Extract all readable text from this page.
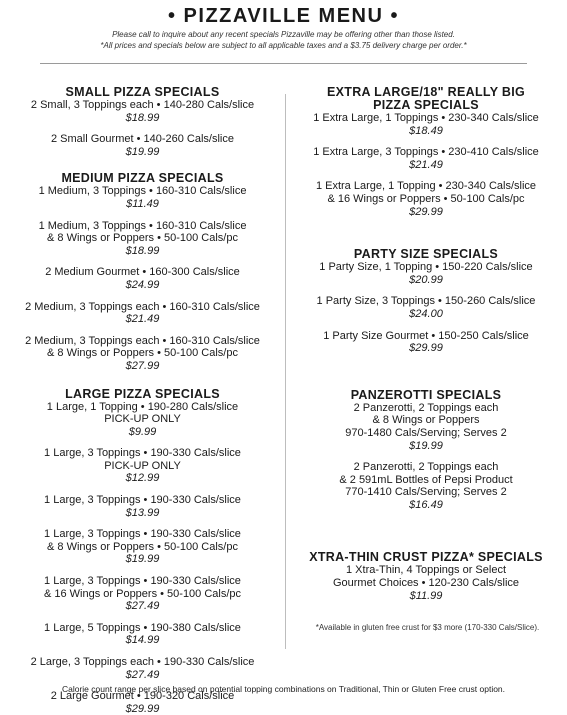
• PIZZAVILLE MENU •
Please call to inquire about any recent specials Pizzaville may be offering other than those listed.
*All prices and specials below are subject to all applicable taxes and a $3.75 delivery charge per order.*
SMALL PIZZA SPECIALS
2 Small, 3 Toppings each • 140-280 Cals/slice
$18.99
2 Small Gourmet • 140-260 Cals/slice
$19.99
MEDIUM PIZZA SPECIALS
1 Medium, 3 Toppings • 160-310 Cals/slice
$11.49
1 Medium, 3 Toppings • 160-310 Cals/slice
& 8 Wings or Poppers • 50-100 Cals/pc
$18.99
2 Medium Gourmet • 160-300 Cals/slice
$24.99
2 Medium, 3 Toppings each • 160-310 Cals/slice
$21.49
2 Medium, 3 Toppings each • 160-310 Cals/slice
& 8 Wings or Poppers • 50-100 Cals/pc
$27.99
LARGE PIZZA SPECIALS
1 Large, 1 Topping • 190-280 Cals/slice
PICK-UP ONLY
$9.99
1 Large, 3 Toppings • 190-330 Cals/slice
PICK-UP ONLY
$12.99
1 Large, 3 Toppings • 190-330 Cals/slice
$13.99
1 Large, 3 Toppings • 190-330 Cals/slice
& 8 Wings or Poppers • 50-100 Cals/pc
$19.99
1 Large, 3 Toppings • 190-330 Cals/slice
& 16 Wings or Poppers • 50-100 Cals/pc
$27.49
1 Large, 5 Toppings • 190-380 Cals/slice
$14.99
2 Large, 3 Toppings each • 190-330 Cals/slice
$27.49
2 Large Gourmet • 190-320 Cals/slice
$29.99
EXTRA LARGE/18" REALLY BIG
PIZZA SPECIALS
1 Extra Large, 1 Toppings • 230-340 Cals/slice
$18.49
1 Extra Large, 3 Toppings • 230-410 Cals/slice
$21.49
1 Extra Large, 1 Topping • 230-340 Cals/slice
& 16 Wings or Poppers • 50-100 Cals/pc
$29.99
PARTY SIZE SPECIALS
1 Party Size, 1 Topping • 150-220 Cals/slice
$20.99
1 Party Size, 3 Toppings • 150-260 Cals/slice
$24.00
1 Party Size Gourmet • 150-250 Cals/slice
$29.99
PANZEROTTI SPECIALS
2 Panzerotti, 2 Toppings each
& 8 Wings or Poppers
970-1480 Cals/Serving; Serves 2
$19.99
2 Panzerotti, 2 Toppings each
& 2 591mL Bottles of Pepsi Product
770-1410 Cals/Serving; Serves 2
$16.49
XTRA-THIN CRUST PIZZA* SPECIALS
1 Xtra-Thin, 4 Toppings or Select
Gourmet Choices • 120-230 Cals/slice
$11.99
*Available in gluten free crust for $3 more (170-330 Cals/Slice).
Calorie count range per slice based on potential topping combinations on Traditional, Thin or Gluten Free crust option.
